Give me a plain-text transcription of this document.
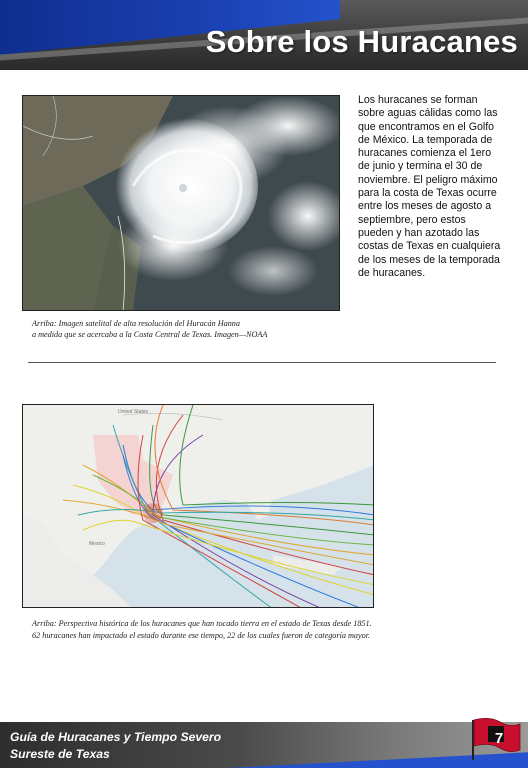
Sobre los Huracanes
Arriba: Imagen satelital de alta resolución del Huracán Hanna
a medida que se acercaba a la Costa Central de Texas. Imagen—NOAA
Los huracanes se forman sobre aguas cálidas como las que encontramos en el Golfo de México. La temporada de huracanes comienza el 1ero de junio y termina el 30 de noviembre. El peligro máximo para la costa de Texas ocurre entre los meses de agosto a septiembre, pero estos pueden y han azotado las costas de Texas en cualquiera de los meses de la temporada de huracanes.
United States
Mexico
Arriba: Perspectiva histórica de los huracanes que han tocado tierra en el estado de Texas desde 1851. 62 huracanes han impactado el estado durante ese tiempo, 22 de los cuales fueron de categoría mayor.
Guía de Huracanes y Tiempo Severo
Sureste de Texas
7
